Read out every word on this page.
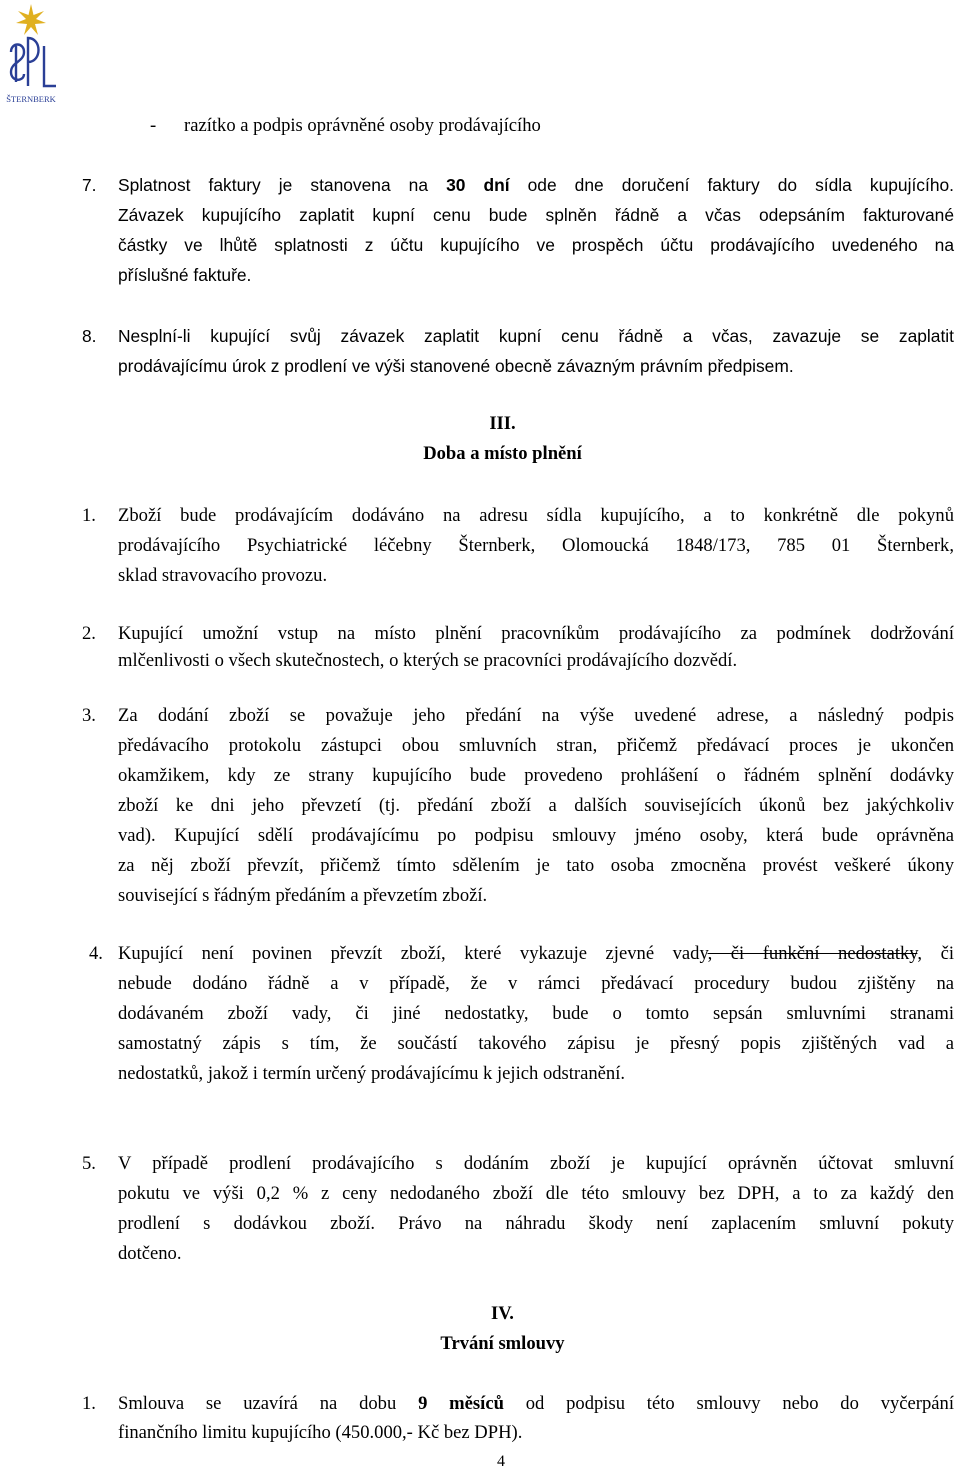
ŠTERNBERK
- razítko a podpis oprávněné osoby prodávajícího
7. Splatnost faktury je stanovena na 30 dní ode dne doručení faktury do sídla kupujícího.
Závazek kupujícího zaplatit kupní cenu bude splněn řádně a včas odepsáním fakturované
částky ve lhůtě splatnosti z účtu kupujícího ve prospěch účtu prodávajícího uvedeného na
příslušné faktuře.
8. Nesplní-li kupující svůj závazek zaplatit kupní cenu řádně a včas, zavazuje se zaplatit
prodávajícímu úrok z prodlení ve výši stanovené obecně závazným právním předpisem.
III.
Doba a místo plnění
1. Zboží bude prodávajícím dodáváno na adresu sídla kupujícího, a to konkrétně dle pokynů
prodávajícího Psychiatrické léčebny Šternberk, Olomoucká 1848/173, 785 01 Šternberk,
sklad stravovacího provozu.
2. Kupující umožní vstup na místo plnění pracovníkům prodávajícího za podmínek dodržování
mlčenlivosti o všech skutečnostech, o kterých se pracovníci prodávajícího dozvědí.
3. Za dodání zboží se považuje jeho předání na výše uvedené adrese, a následný podpis
předávacího protokolu zástupci obou smluvních stran, přičemž předávací proces je ukončen
okamžikem, kdy ze strany kupujícího bude provedeno prohlášení o řádném splnění dodávky
zboží ke dni jeho převzetí (tj. předání zboží a dalších souvisejících úkonů bez jakýchkoliv
vad). Kupující sdělí prodávajícímu po podpisu smlouvy jméno osoby, která bude oprávněna
za něj zboží převzít, přičemž tímto sdělením je tato osoba zmocněna provést veškeré úkony
související s řádným předáním a převzetím zboží.
4. Kupující není povinen převzít zboží, které vykazuje zjevné vady, či funkční nedostatky, či
nebude dodáno řádně a v případě, že v rámci předávací procedury budou zjištěny na
dodávaném zboží vady, či jiné nedostatky, bude o tomto sepsán smluvními stranami
samostatný zápis s tím, že součástí takového zápisu je přesný popis zjištěných vad a
nedostatků, jakož i termín určený prodávajícímu k jejich odstranění.
5. V případě prodlení prodávajícího s dodáním zboží je kupující oprávněn účtovat smluvní
pokutu ve výši 0,2 % z ceny nedodaného zboží dle této smlouvy bez DPH, a to za každý den
prodlení s dodávkou zboží. Právo na náhradu škody není zaplacením smluvní pokuty
dotčeno.
IV.
Trvání smlouvy
1. Smlouva se uzavírá na dobu 9 měsíců od podpisu této smlouvy nebo do vyčerpání
finančního limitu kupujícího (450.000,- Kč bez DPH).
4
